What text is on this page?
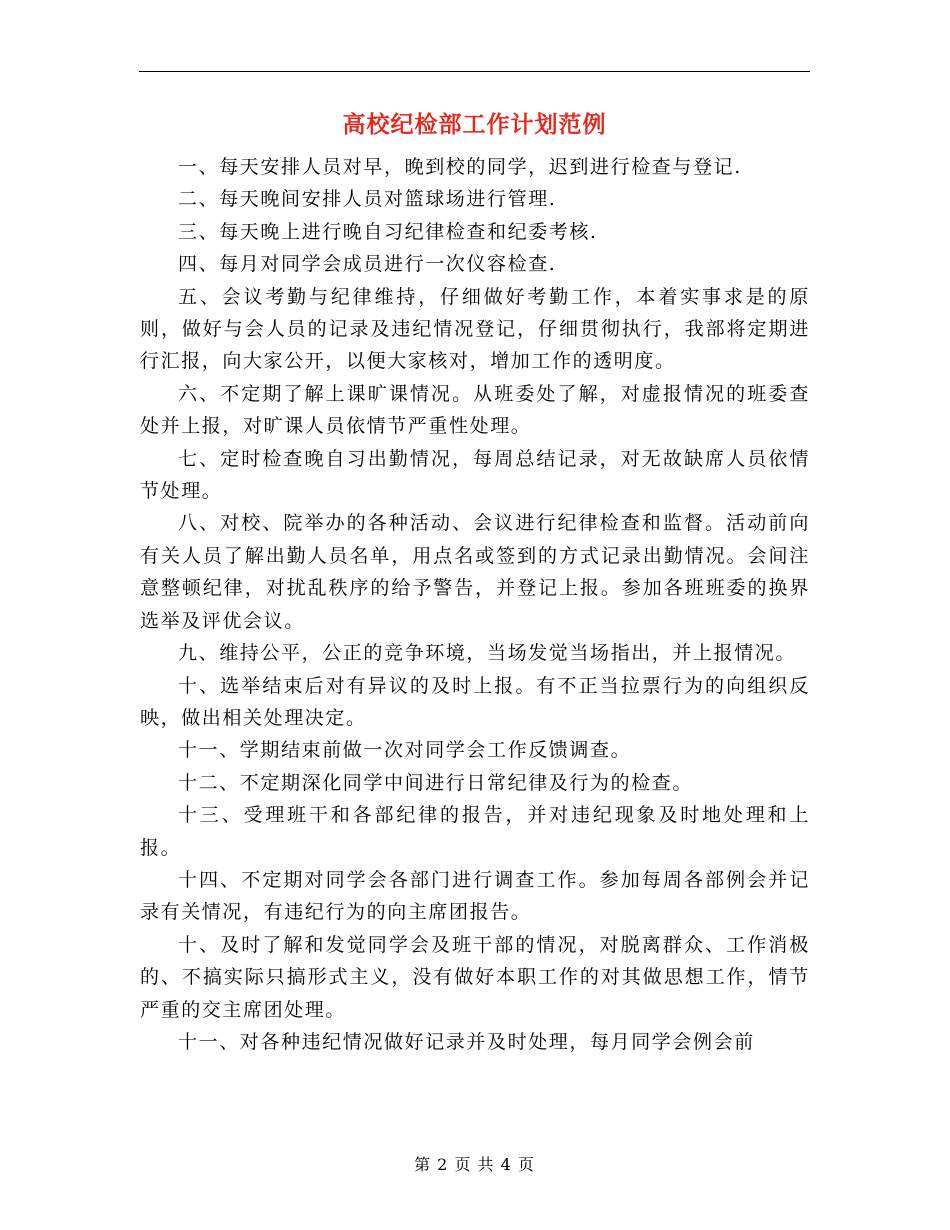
高校纪检部工作计划范例

一、每天安排人员对早，晚到校的同学，迟到进行检查与登记.

二、每天晚间安排人员对篮球场进行管理.

三、每天晚上进行晚自习纪律检查和纪委考核.

四、每月对同学会成员进行一次仪容检查.

五、会议考勤与纪律维持，仔细做好考勤工作，本着实事求是的原则，做好与会人员的记录及违纪情况登记，仔细贯彻执行，我部将定期进行汇报，向大家公开，以便大家核对，增加工作的透明度。

六、不定期了解上课旷课情况。从班委处了解，对虚报情况的班委查处并上报，对旷课人员依情节严重性处理。

七、定时检查晚自习出勤情况，每周总结记录，对无故缺席人员依情节处理。

八、对校、院举办的各种活动、会议进行纪律检查和监督。活动前向有关人员了解出勤人员名单，用点名或签到的方式记录出勤情况。会间注意整顿纪律，对扰乱秩序的给予警告，并登记上报。参加各班班委的换界选举及评优会议。

九、维持公平，公正的竞争环境，当场发觉当场指出，并上报情况。

十、选举结束后对有异议的及时上报。有不正当拉票行为的向组织反映，做出相关处理决定。

十一、学期结束前做一次对同学会工作反馈调查。

十二、不定期深化同学中间进行日常纪律及行为的检查。

十三、受理班干和各部纪律的报告，并对违纪现象及时地处理和上报。

十四、不定期对同学会各部门进行调查工作。参加每周各部例会并记录有关情况，有违纪行为的向主席团报告。

十、及时了解和发觉同学会及班干部的情况，对脱离群众、工作消极的、不搞实际只搞形式主义，没有做好本职工作的对其做思想工作，情节严重的交主席团处理。

十一、对各种违纪情况做好记录并及时处理，每月同学会例会前

第 2 页 共 4 页
